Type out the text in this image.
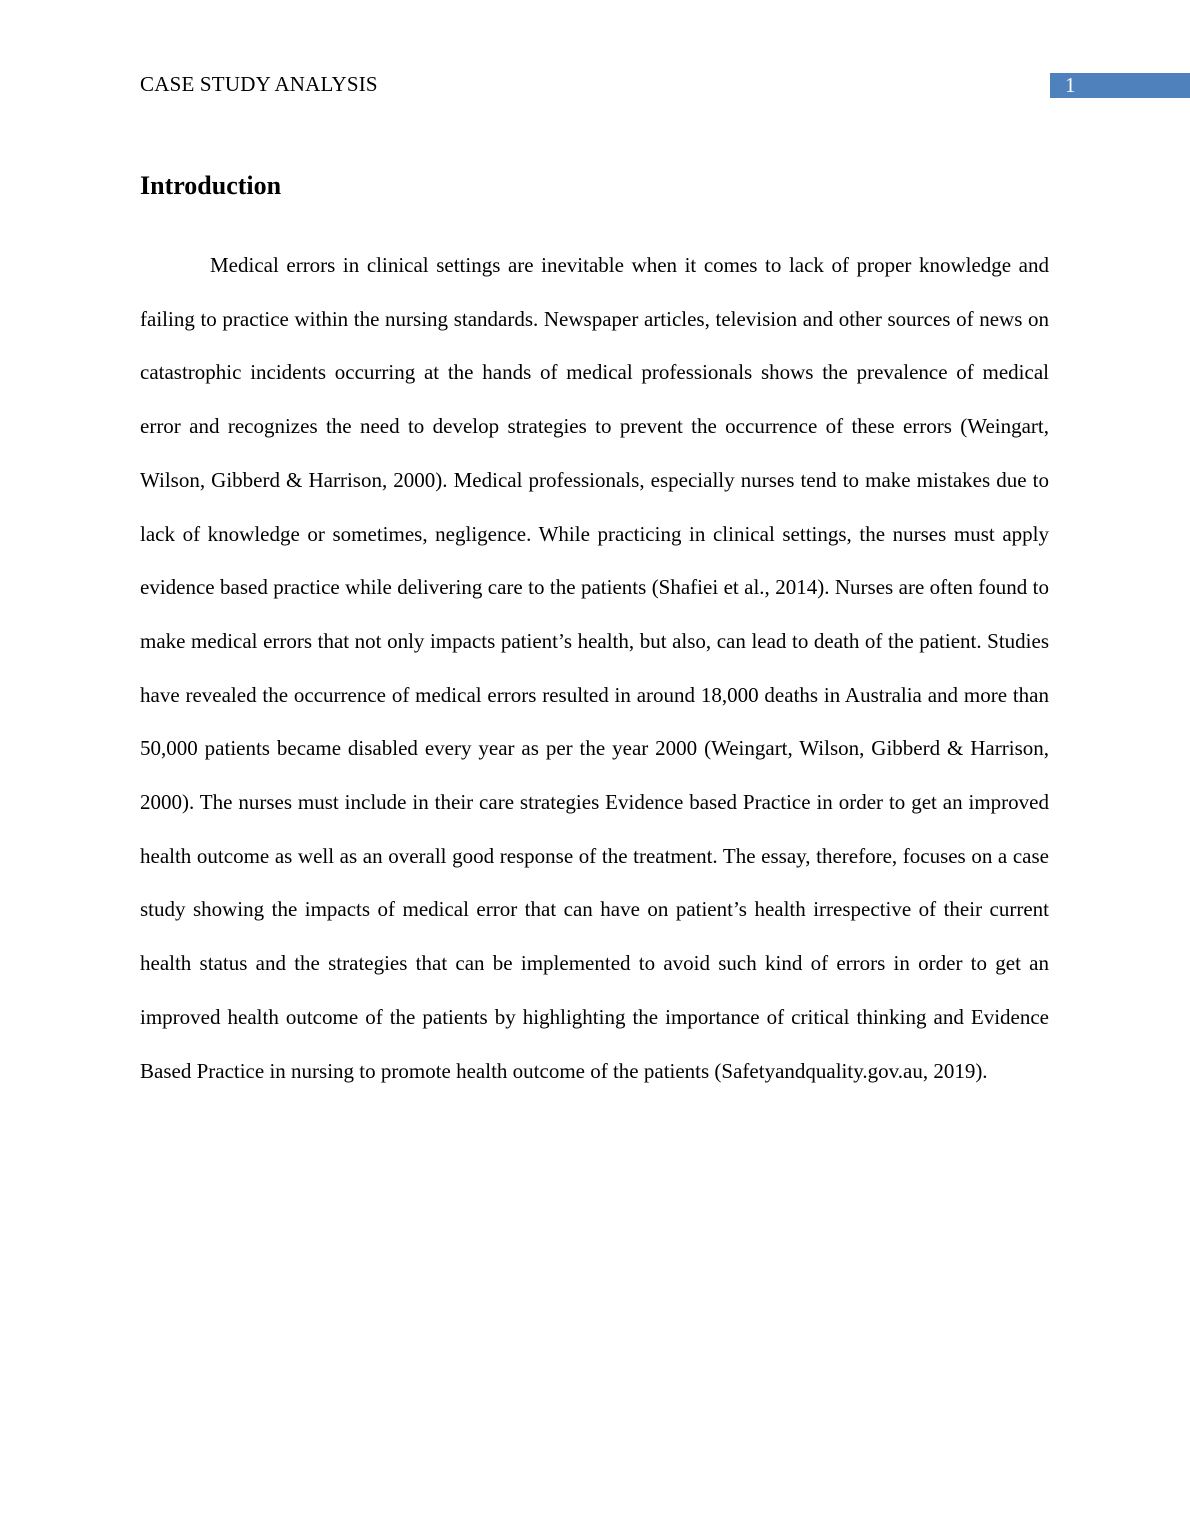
CASE STUDY ANALYSIS	1
Introduction

Medical errors in clinical settings are inevitable when it comes to lack of proper knowledge and failing to practice within the nursing standards. Newspaper articles, television and other sources of news on catastrophic incidents occurring at the hands of medical professionals shows the prevalence of medical error and recognizes the need to develop strategies to prevent the occurrence of these errors (Weingart, Wilson, Gibberd & Harrison, 2000). Medical professionals, especially nurses tend to make mistakes due to lack of knowledge or sometimes, negligence. While practicing in clinical settings, the nurses must apply evidence based practice while delivering care to the patients (Shafiei et al., 2014). Nurses are often found to make medical errors that not only impacts patient’s health, but also, can lead to death of the patient. Studies have revealed the occurrence of medical errors resulted in around 18,000 deaths in Australia and more than 50,000 patients became disabled every year as per the year 2000 (Weingart, Wilson, Gibberd & Harrison, 2000). The nurses must include in their care strategies Evidence based Practice in order to get an improved health outcome as well as an overall good response of the treatment. The essay, therefore, focuses on a case study showing the impacts of medical error that can have on patient’s health irrespective of their current health status and the strategies that can be implemented to avoid such kind of errors in order to get an improved health outcome of the patients by highlighting the importance of critical thinking and Evidence Based Practice in nursing to promote health outcome of the patients (Safetyandquality.gov.au, 2019).
